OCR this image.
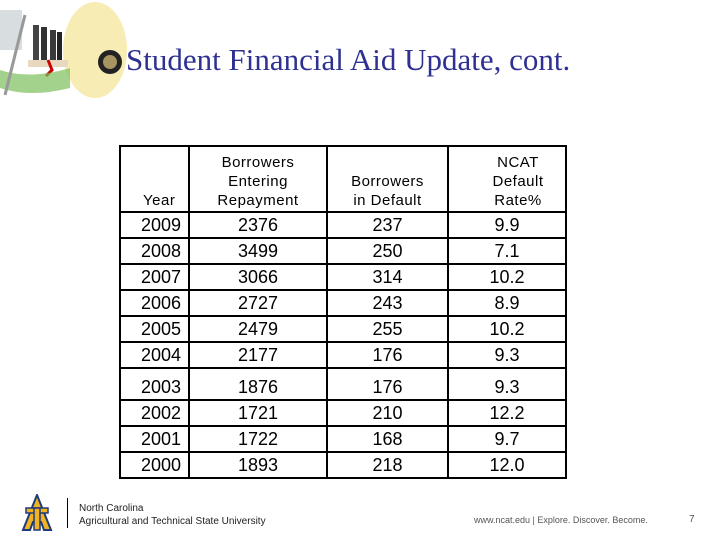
Student Financial Aid Update, cont.
Year	Borrowers Entering Repayment	Borrowers in Default	NCAT Default Rate%
2009	2376	237	9.9
2008	3499	250	7.1
2007	3066	314	10.2
2006	2727	243	8.9
2005	2479	255	10.2
2004	2177	176	9.3
2003	1876	176	9.3
2002	1721	210	12.2
2001	1722	168	9.7
2000	1893	218	12.0
North Carolina
Agricultural and Technical State University	www.ncat.edu | Explore. Discover. Become.	7
